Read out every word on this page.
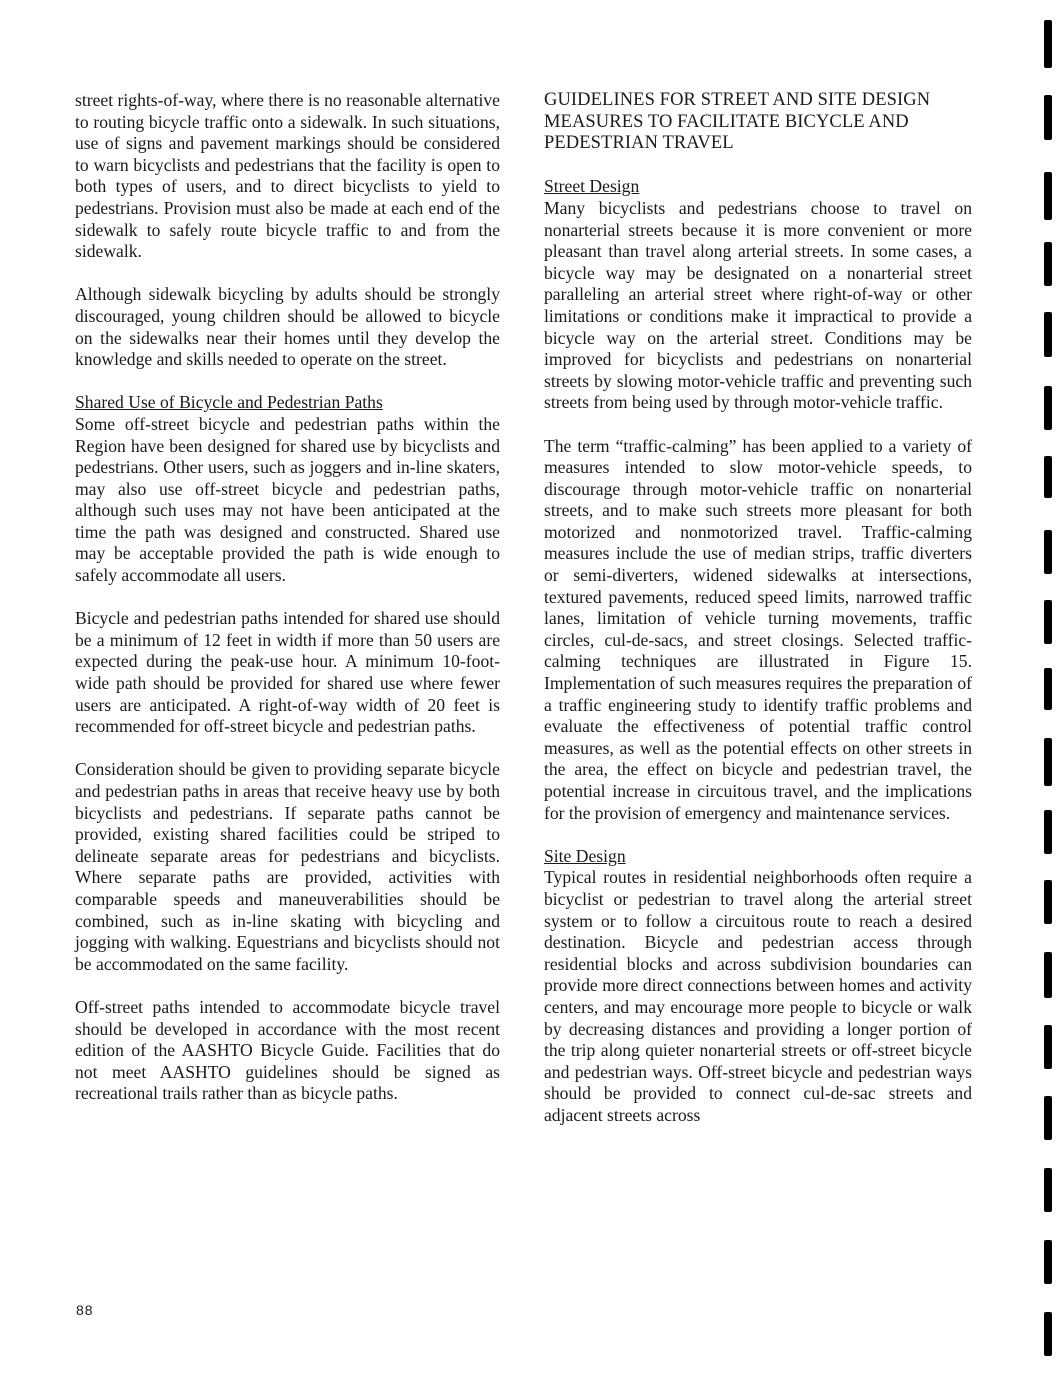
street rights-of-way, where there is no reasonable alternative to routing bicycle traffic onto a sidewalk. In such situations, use of signs and pavement markings should be considered to warn bicyclists and pedestrians that the facility is open to both types of users, and to direct bicyclists to yield to pedestrians. Provision must also be made at each end of the sidewalk to safely route bicycle traffic to and from the sidewalk.

Although sidewalk bicycling by adults should be strongly discouraged, young children should be allowed to bicycle on the sidewalks near their homes until they develop the knowledge and skills needed to operate on the street.

Shared Use of Bicycle and Pedestrian Paths

Some off-street bicycle and pedestrian paths within the Region have been designed for shared use by bicyclists and pedestrians. Other users, such as joggers and in-line skaters, may also use off-street bicycle and pedestrian paths, although such uses may not have been anticipated at the time the path was designed and constructed. Shared use may be acceptable provided the path is wide enough to safely accommodate all users.

Bicycle and pedestrian paths intended for shared use should be a minimum of 12 feet in width if more than 50 users are expected during the peak-use hour. A minimum 10-foot-wide path should be provided for shared use where fewer users are anticipated. A right-of-way width of 20 feet is recommended for off-street bicycle and pedestrian paths.

Consideration should be given to providing separate bicycle and pedestrian paths in areas that receive heavy use by both bicyclists and pedestrians. If separate paths cannot be provided, existing shared facilities could be striped to delineate separate areas for pedestrians and bicyclists. Where separate paths are provided, activities with comparable speeds and maneuverabilities should be combined, such as in-line skating with bicycling and jogging with walking. Equestrians and bicyclists should not be accommodated on the same facility.

Off-street paths intended to accommodate bicycle travel should be developed in accordance with the most recent edition of the AASHTO Bicycle Guide. Facilities that do not meet AASHTO guidelines should be signed as recreational trails rather than as bicycle paths.

GUIDELINES FOR STREET AND SITE DESIGN MEASURES TO FACILITATE BICYCLE AND PEDESTRIAN TRAVEL
Street Design

Many bicyclists and pedestrians choose to travel on nonarterial streets because it is more convenient or more pleasant than travel along arterial streets. In some cases, a bicycle way may be designated on a nonarterial street paralleling an arterial street where right-of-way or other limitations or conditions make it impractical to provide a bicycle way on the arterial street. Conditions may be improved for bicyclists and pedestrians on nonarterial streets by slowing motor-vehicle traffic and preventing such streets from being used by through motor-vehicle traffic.

The term “traffic-calming” has been applied to a variety of measures intended to slow motor-vehicle speeds, to discourage through motor-vehicle traffic on nonarterial streets, and to make such streets more pleasant for both motorized and nonmotorized travel. Traffic-calming measures include the use of median strips, traffic diverters or semi-diverters, widened sidewalks at intersections, textured pavements, reduced speed limits, narrowed traffic lanes, limitation of vehicle turning movements, traffic circles, cul-de-sacs, and street closings. Selected traffic-calming techniques are illustrated in Figure 15. Implementation of such measures requires the preparation of a traffic engineering study to identify traffic problems and evaluate the effectiveness of potential traffic control measures, as well as the potential effects on other streets in the area, the effect on bicycle and pedestrian travel, the potential increase in circuitous travel, and the implications for the provision of emergency and maintenance services.

Site Design

Typical routes in residential neighborhoods often require a bicyclist or pedestrian to travel along the arterial street system or to follow a circuitous route to reach a desired destination. Bicycle and pedestrian access through residential blocks and across subdivision boundaries can provide more direct connections between homes and activity centers, and may encourage more people to bicycle or walk by decreasing distances and providing a longer portion of the trip along quieter nonarterial streets or off-street bicycle and pedestrian ways. Off-street bicycle and pedestrian ways should be provided to connect cul-de-sac streets and adjacent streets across

88
